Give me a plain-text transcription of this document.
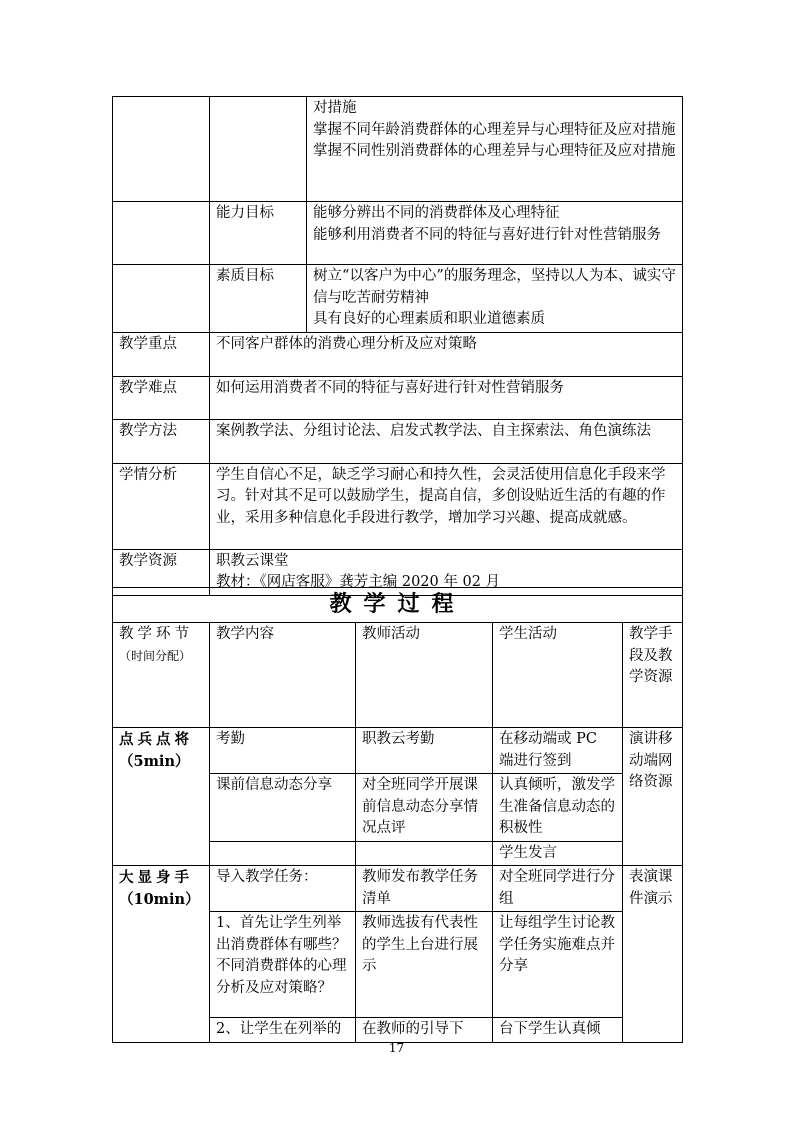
		对措施
掌握不同年龄消费群体的心理差异与心理特征及应对措施
掌握不同性别消费群体的心理差异与心理特征及应对措施
	能力目标	能够分辨出不同的消费群体及心理特征
能够利用消费者不同的特征与喜好进行针对性营销服务
	素质目标	树立“以客户为中心”的服务理念，坚持以人为本、诚实守信与吃苦耐劳精神
具有良好的心理素质和职业道德素质
教学重点	不同客户群体的消费心理分析及应对策略	
教学难点	如何运用消费者不同的特征与喜好进行针对性营销服务	
教学方法	案例教学法、分组讨论法、启发式教学法、自主探索法、角色演练法	
学情分析	学生自信心不足，缺乏学习耐心和持久性，会灵活使用信息化手段来学习。针对其不足可以鼓励学生，提高自信，多创设贴近生活的有趣的作业，采用多种信息化手段进行教学，增加学习兴趣、提高成就感。	
教学资源	职教云课堂
教材：《网店客服》龚芳主编 2020 年 02 月	
教学过程				
教学环节
（时间分配）	教学内容	教师活动	学生活动	教学手段及教学资源
点兵点将
（5min）	考勤	职教云考勤	在移动端或 PC 端进行签到	演讲移动端网络资源
	课前信息动态分享	对全班同学开展课前信息动态分享情况点评	认真倾听，激发学生准备信息动态的积极性	
			学生发言	
大显身手
（10min）	导入教学任务：	教师发布教学任务清单	对全班同学进行分组	表演课件演示
	1、首先让学生列举出消费群体有哪些？不同消费群体的心理分析及应对策略？	教师选拔有代表性的学生上台进行展示	让每组学生讨论教学任务实施难点并分享	
	2、让学生在列举的	在教师的引导下	台下学生认真倾	
17
